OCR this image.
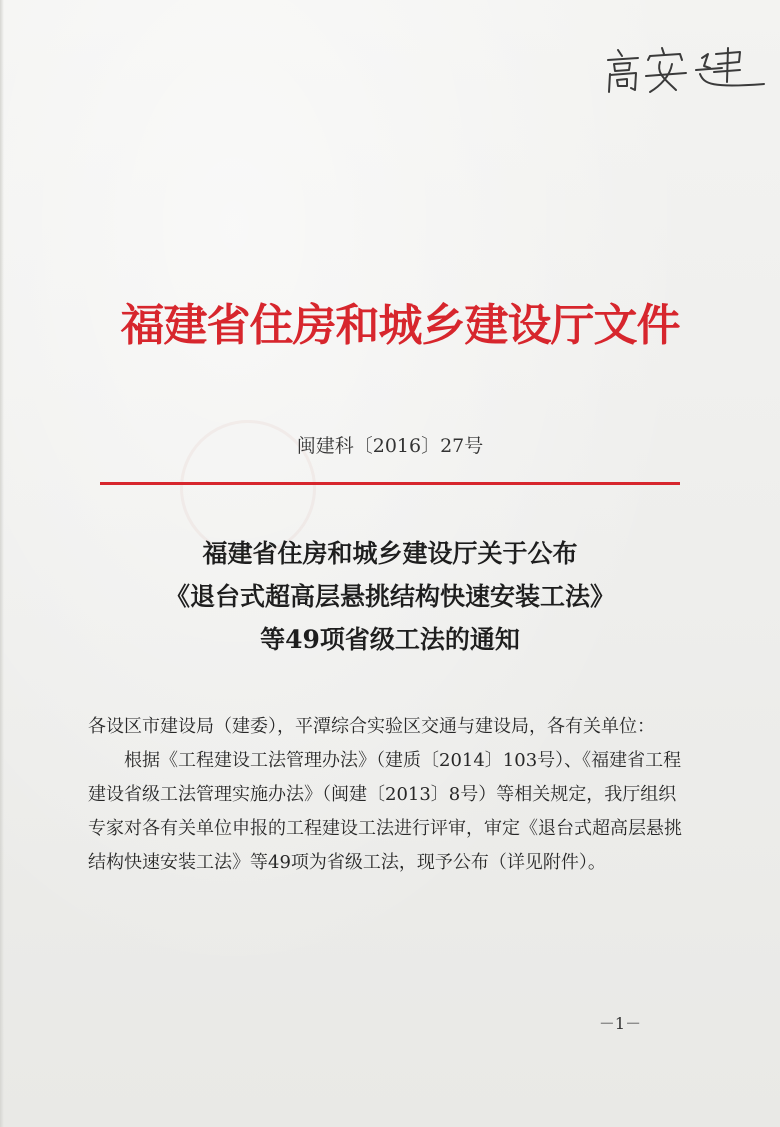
福建省住房和城乡建设厅文件
闽建科〔2016〕27号
福建省住房和城乡建设厅关于公布
《退台式超高层悬挑结构快速安装工法》
等49项省级工法的通知

各设区市建设局（建委），平潭综合实验区交通与建设局，各有关单位：

根据《工程建设工法管理办法》（建质〔2014〕103号）、《福建省工程建设省级工法管理实施办法》（闽建〔2013〕8号）等相关规定，我厅组织专家对各有关单位申报的工程建设工法进行评审，审定《退台式超高层悬挑结构快速安装工法》等49项为省级工法，现予公布（详见附件）。

－1－
